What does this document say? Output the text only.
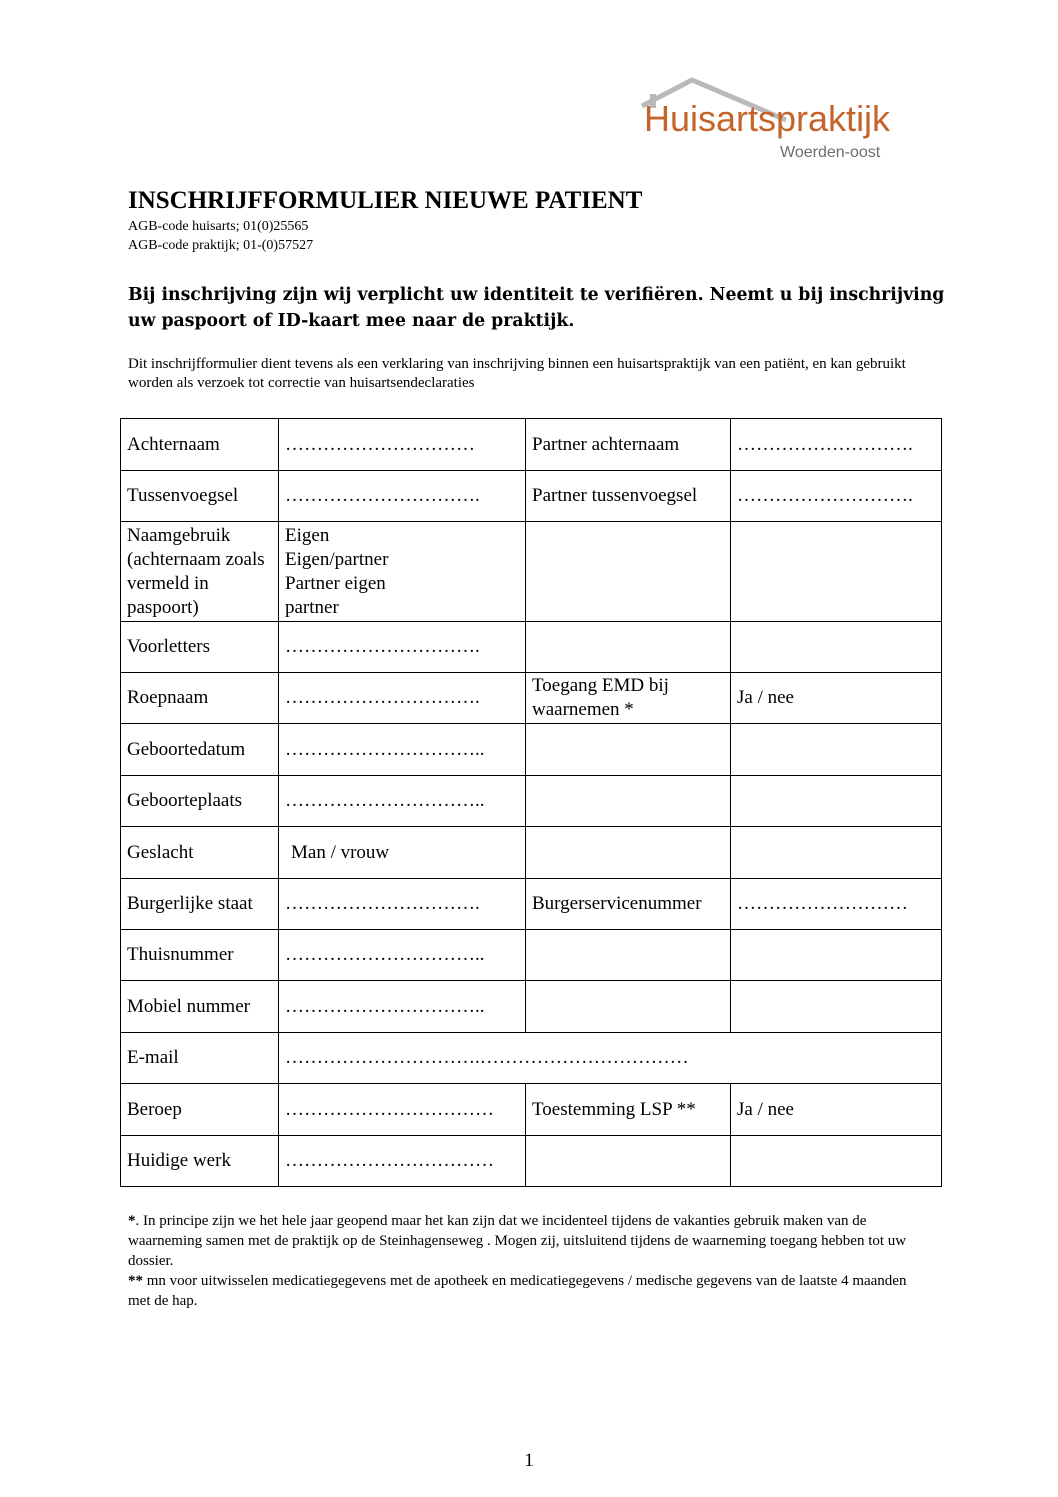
Huisartspraktijk
Woerden-oost
INSCHRIJFFORMULIER NIEUWE PATIENT
AGB-code huisarts; 01(0)25565
AGB-code praktijk; 01-(0)57527
Bij inschrijving zijn wij verplicht uw identiteit te verifiëren. Neemt u bij inschrijving uw paspoort of ID-kaart mee naar de praktijk.
Dit inschrijfformulier dient tevens als een verklaring van inschrijving binnen een huisartspraktijk van een patiënt, en kan gebruikt worden als verzoek tot correctie van huisartsendeclaraties
Achternaam	…………………………	Partner achternaam	……………………….
Tussenvoegsel	………………………….	Partner tussenvoegsel	……………………….
Naamgebruik (achternaam zoals vermeld in paspoort)	Eigen
Eigen/partner
Partner eigen
partner		

Voorletters	………………………….		
Roepnaam	………………………….	Toegang EMD bij waarnemen *	Ja / nee
Geboortedatum	…………………………..		
Geboorteplaats	…………………………..		
Geslacht	Man / vrouw		
Burgerlijke staat	………………………….	Burgerservicenummer	………………………
Thuisnummer	…………………………..		
Mobiel nummer	…………………………..		
E-mail	………………………….……………………………		
Beroep	……………………………	Toestemming LSP **	Ja / nee
Huidige werk	……………………………		
*. In principe zijn we het hele jaar geopend maar het kan zijn dat we incidenteel tijdens de vakanties gebruik maken van de waarneming samen met de praktijk op de Steinhagenseweg . Mogen zij, uitsluitend tijdens de waarneming toegang hebben tot uw dossier.
** mn voor uitwisselen medicatiegegevens met de apotheek en medicatiegegevens / medische gegevens van de laatste 4 maanden met de hap.
1
